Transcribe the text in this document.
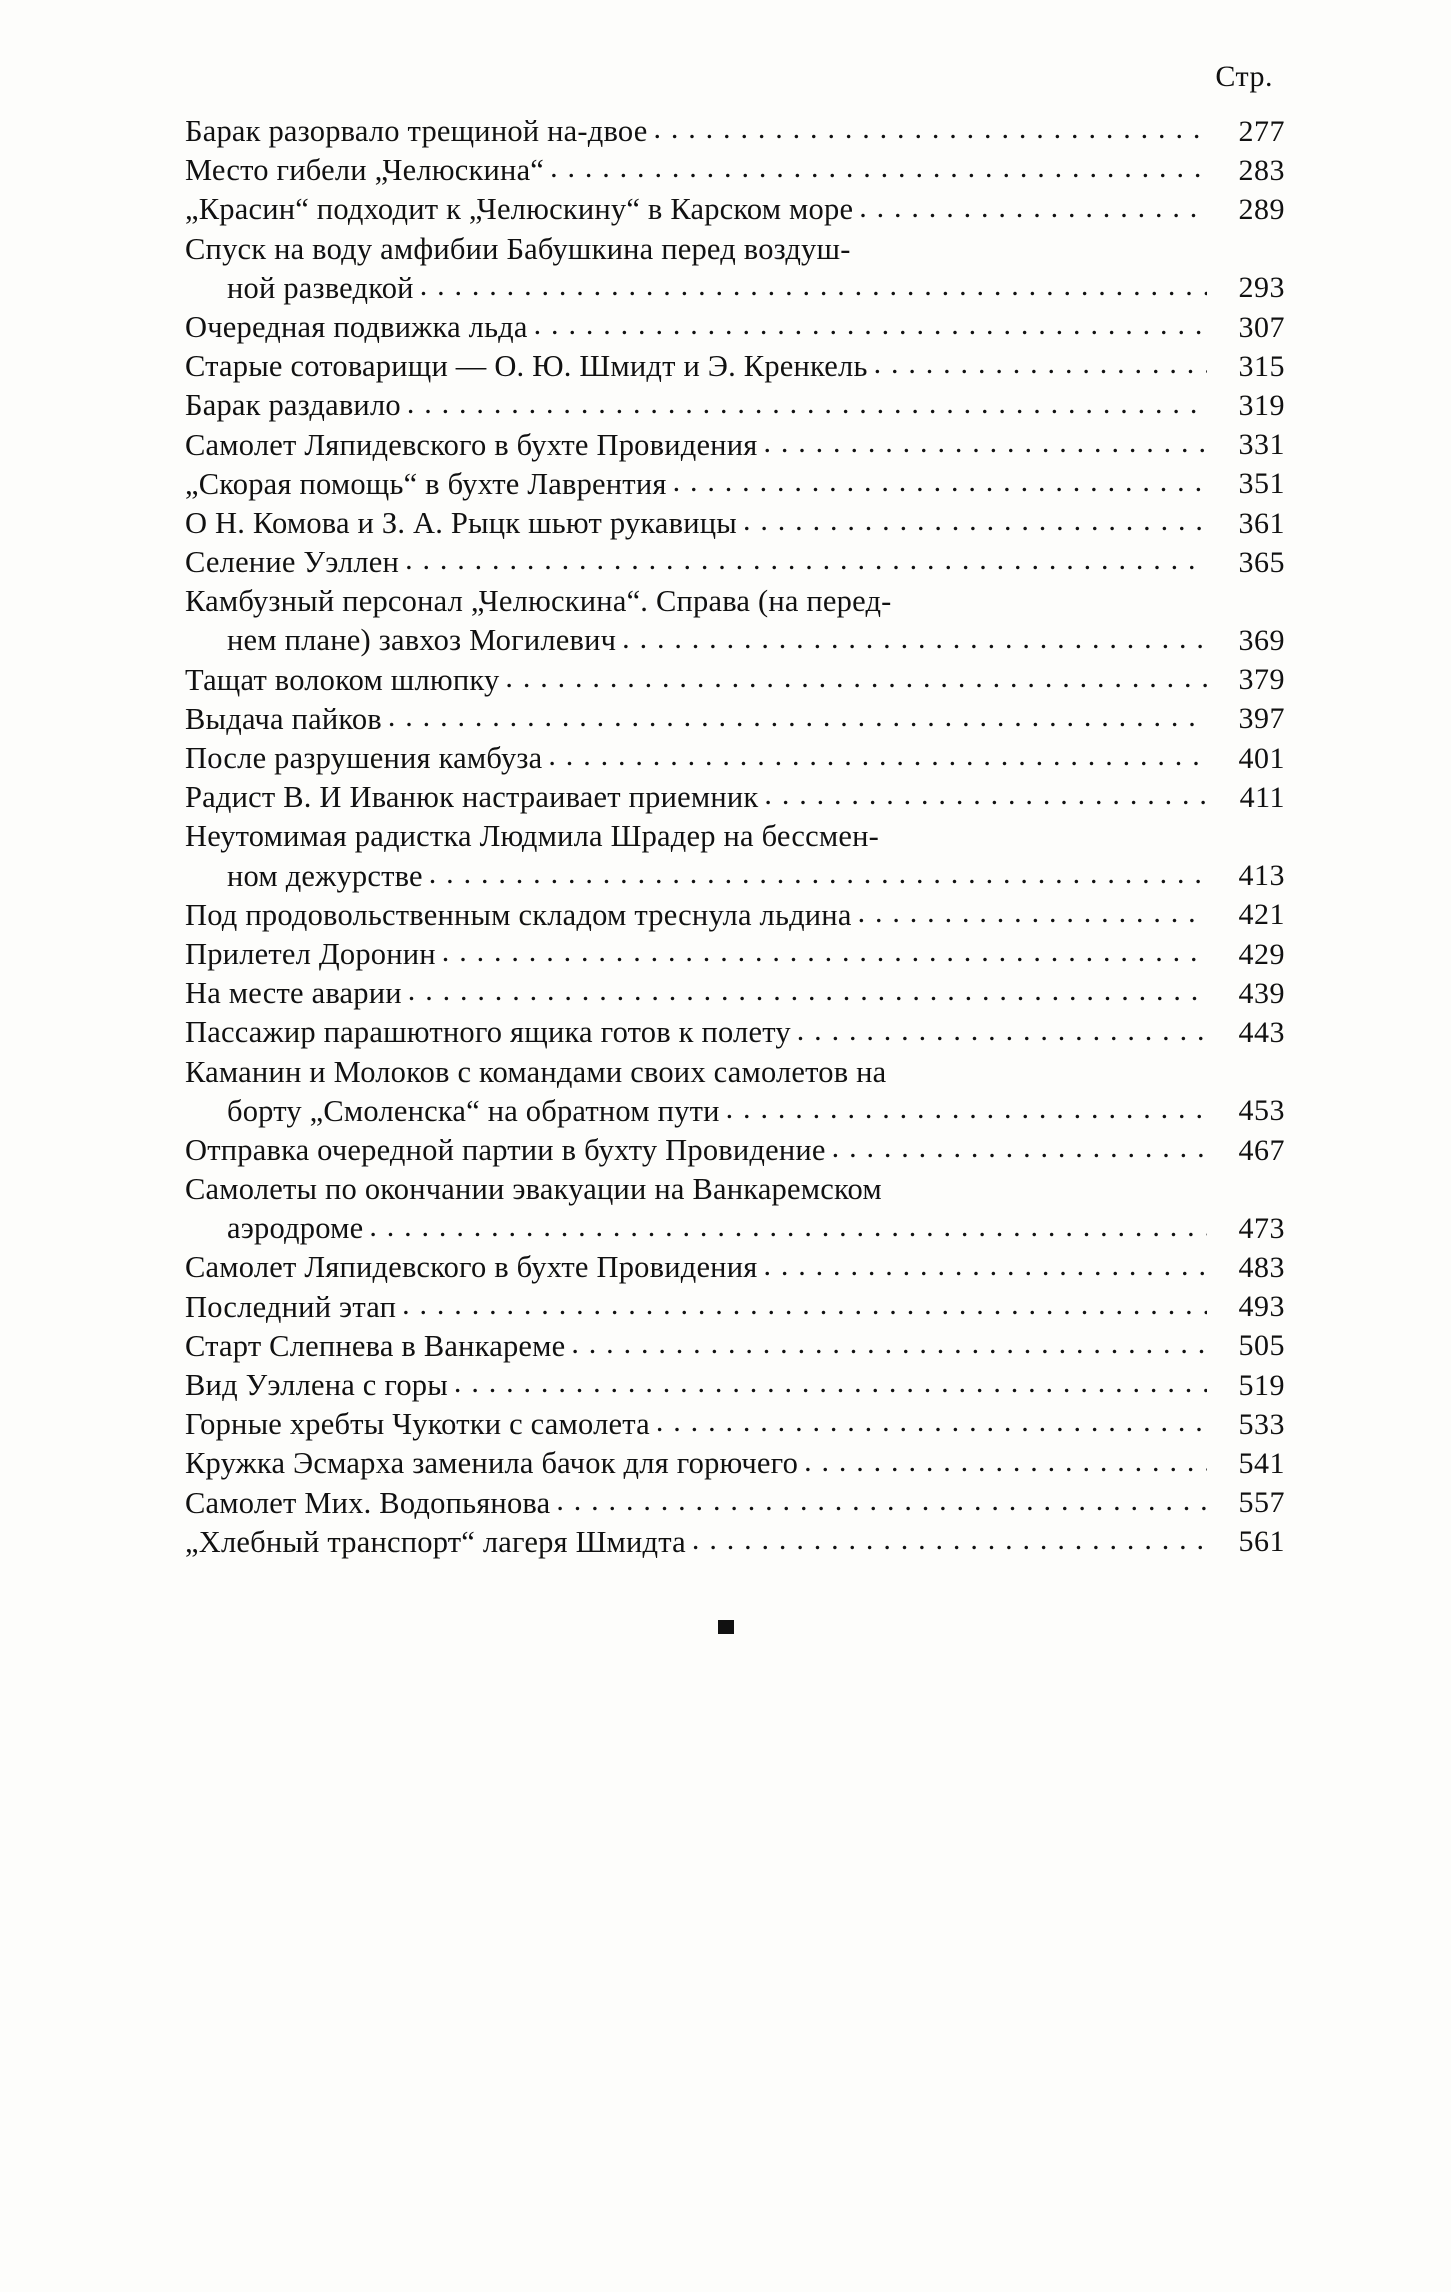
Стр.
Барак разорвало трещиной на-двое . . .	277
Место гибели „Челюскина“ . . .	283
„Красин“ подходит к „Челюскину“ в Карском море . . .	289
Спуск на воду амфибии Бабушкина перед воздуш-
ной разведкой . . .	293
Очередная подвижка льда . . .	307
Старые сотоварищи — О. Ю. Шмидт и Э. Кренкель . . .	315
Барак раздавило . . .	319
Самолет Ляпидевского в бухте Провидения . . .	331
„Скорая помощь“ в бухте Лаврентия . . .	351
О Н. Комова и З. А. Рыцк шьют рукавицы . . .	361
Селение Уэллен . . .	365
Камбузный персонал „Челюскина“. Справа (на перед-
нем плане) завхоз Могилевич . . .	369
Тащат волоком шлюпку . . .	379
Выдача пайков . . .	397
После разрушения камбуза . . .	401
Радист В. И Иванюк настраивает приемник . . .	411
Неутомимая радистка Людмила Шрадер на бессмен-
ном дежурстве . . .	413
Под продовольственным складом треснула льдина . . .	421
Прилетел Доронин . . .	429
На месте аварии . . .	439
Пассажир парашютного ящика готов к полету . . .	443
Каманин и Молоков с командами своих самолетов на
борту „Смоленска“ на обратном пути . . .	453
Отправка очередной партии в бухту Провидение . . .	467
Самолеты по окончании эвакуации на Ванкаремском
аэродроме . . .	473
Самолет Ляпидевского в бухте Провидения . . .	483
Последний этап . . .	493
Старт Слепнева в Ванкареме . . .	505
Вид Уэллена с горы . . .	519
Горные хребты Чукотки с самолета . . .	533
Кружка Эсмарха заменила бачок для горючего . . .	541
Самолет Мих. Водопьянова . . .	557
„Хлебный транспорт“ лагеря Шмидта . . .	561
